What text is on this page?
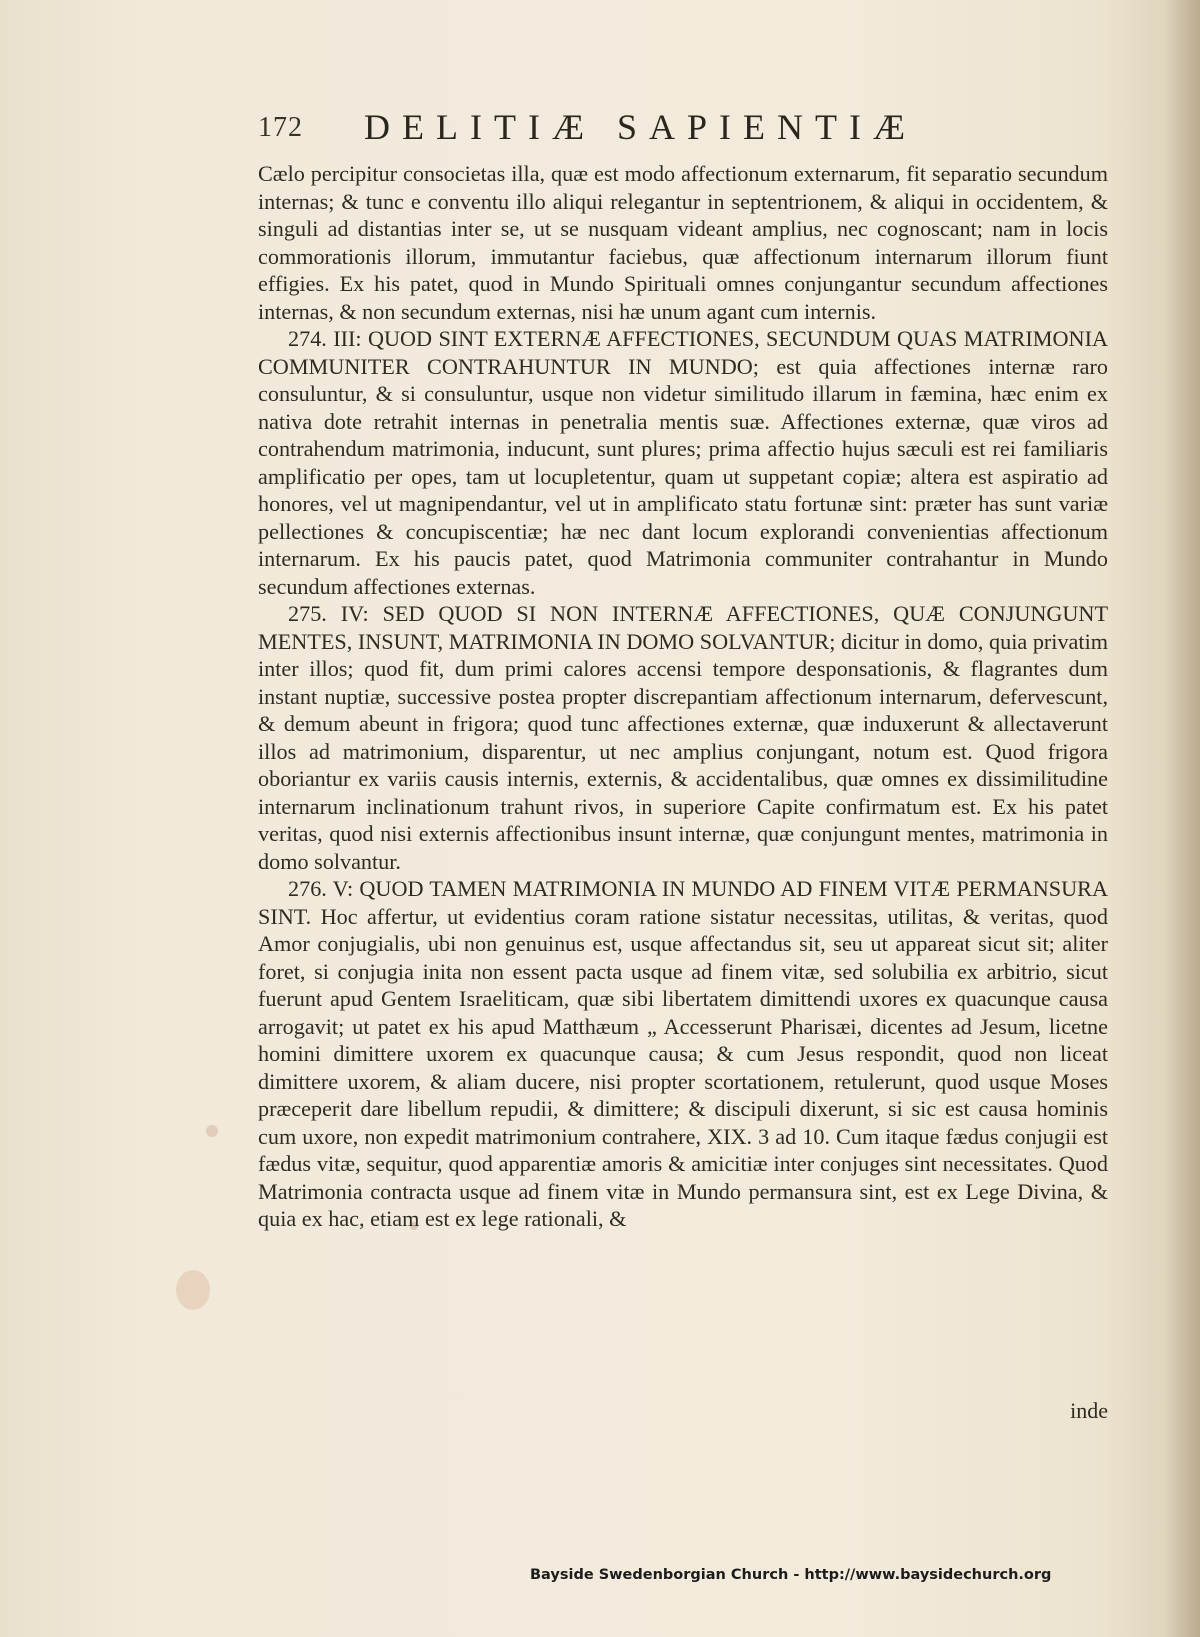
172 DELITIÆ SAPIENTIÆ

Cælo percipitur consocietas illa, quæ est modo affectionum externarum, fit separatio secundum internas; & tunc e conventu illo aliqui relegantur in septentrionem, & aliqui in occidentem, & singuli ad distantias inter se, ut se nusquam videant amplius, nec cognoscant; nam in locis commorationis illorum, immutantur faciebus, quæ affectionum internarum illorum fiunt effigies. Ex his patet, quod in Mundo Spirituali omnes conjungantur secundum affectiones internas, & non secundum externas, nisi hæ unum agant cum internis.

274. III: QUOD SINT EXTERNÆ AFFECTIONES, SECUNDUM QUAS MATRIMONIA COMMUNITER CONTRAHUNTUR IN MUNDO; est quia affectiones internæ raro consuluntur, & si consuluntur, usque non videtur similitudo illarum in fæmina, hæc enim ex nativa dote retrahit internas in penetralia mentis suæ. Affectiones externæ, quæ viros ad contrahendum matrimonia, inducunt, sunt plures; prima affectio hujus sæculi est rei familiaris amplificatio per opes, tam ut locupletentur, quam ut suppetant copiæ; altera est aspiratio ad honores, vel ut magnipendantur, vel ut in amplificato statu fortunæ sint: præter has sunt variæ pellectiones & concupiscentiæ; hæ nec dant locum explorandi convenientias affectionum internarum. Ex his paucis patet, quod Matrimonia communiter contrahantur in Mundo secundum affectiones externas.

275. IV: SED QUOD SI NON INTERNÆ AFFECTIONES, QUÆ CONJUNGUNT MENTES, INSUNT, MATRIMONIA IN DOMO SOLVANTUR; dicitur in domo, quia privatim inter illos; quod fit, dum primi calores accensi tempore desponsationis, & flagrantes dum instant nuptiæ, successive postea propter discrepantiam affectionum internarum, defervescunt, & demum abeunt in frigora; quod tunc affectiones externæ, quæ induxerunt & allectaverunt illos ad matrimonium, disparentur, ut nec amplius conjungant, notum est. Quod frigora oboriantur ex variis causis internis, externis, & accidentalibus, quæ omnes ex dissimilitudine internarum inclinationum trahunt rivos, in superiore Capite confirmatum est. Ex his patet veritas, quod nisi externis affectionibus insunt internæ, quæ conjungunt mentes, matrimonia in domo solvantur.

276. V: QUOD TAMEN MATRIMONIA IN MUNDO AD FINEM VITÆ PERMANSURA SINT. Hoc affertur, ut evidentius coram ratione sistatur necessitas, utilitas, & veritas, quod Amor conjugialis, ubi non genuinus est, usque affectandus sit, seu ut appareat sicut sit; aliter foret, si conjugia inita non essent pacta usque ad finem vitæ, sed solubilia ex arbitrio, sicut fuerunt apud Gentem Israeliticam, quæ sibi libertatem dimittendi uxores ex quacunque causa arrogavit; ut patet ex his apud Matthæum „ Accesserunt Pharisæi, dicentes ad Jesum, licetne homini dimittere uxorem ex quacunque causa; & cum Jesus respondit, quod non liceat dimittere uxorem, & aliam ducere, nisi propter scortationem, retulerunt, quod usque Moses præceperit dare libellum repudii, & dimittere; & discipuli dixerunt, si sic est causa hominis cum uxore, non expedit matrimonium contrahere, XIX. 3 ad 10. Cum itaque fædus conjugii est fædus vitæ, sequitur, quod apparentiæ amoris & amicitiæ inter conjuges sint necessitates. Quod Matrimonia contracta usque ad finem vitæ in Mundo permansura sint, est ex Lege Divina, & quia ex hac, etiam est ex lege rationali, &

inde
Bayside Swedenborgian Church - http://www.baysidechurch.org
